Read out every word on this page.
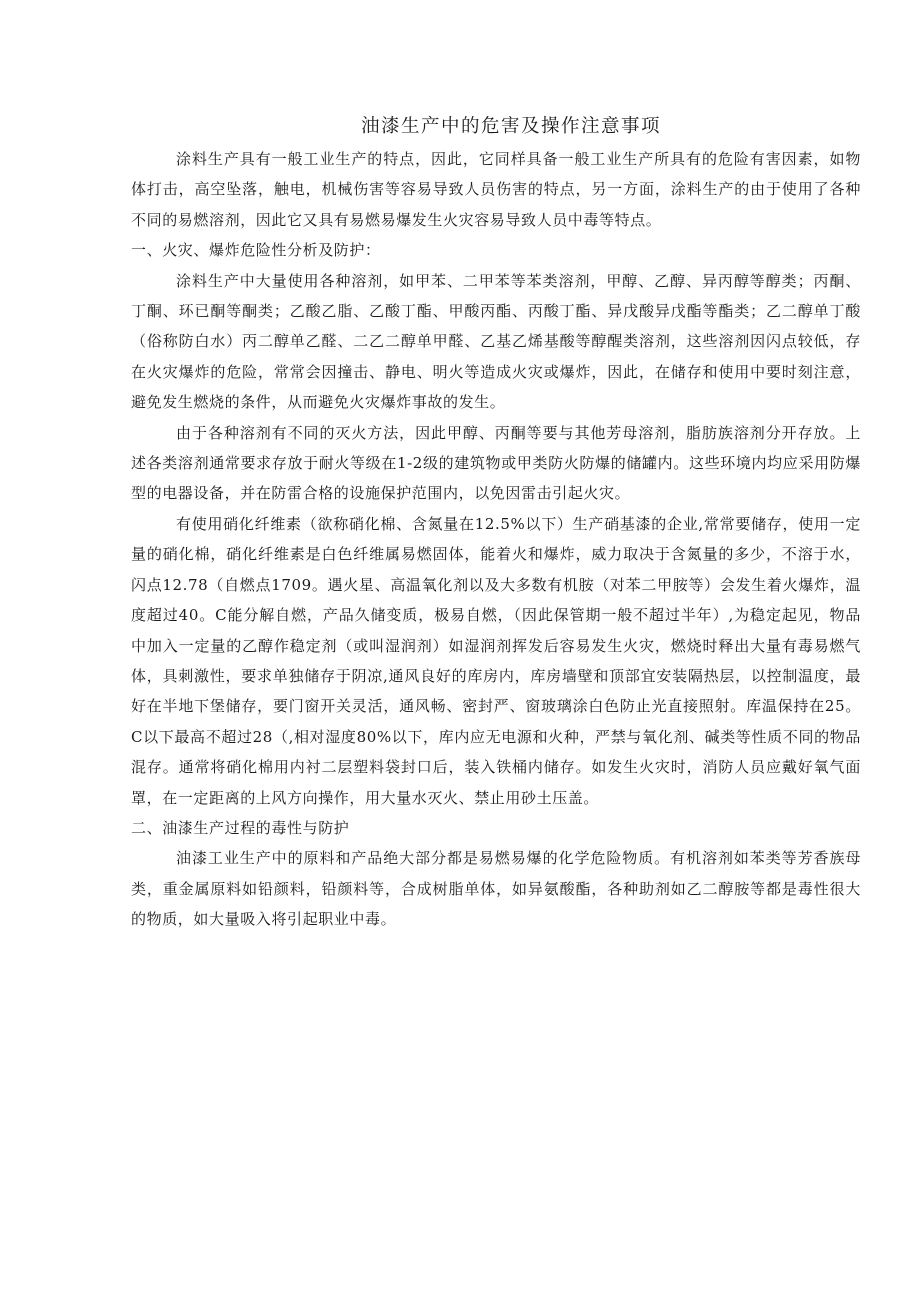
油漆生产中的危害及操作注意事项

涂料生产具有一般工业生产的特点，因此，它同样具备一般工业生产所具有的危险有害因素，如物体打击，高空坠落，触电，机械伤害等容易导致人员伤害的特点，另一方面，涂料生产的由于使用了各种不同的易燃溶剂，因此它又具有易燃易爆发生火灾容易导致人员中毒等特点。

一、火灾、爆炸危险性分析及防护：

涂料生产中大量使用各种溶剂，如甲苯、二甲苯等苯类溶剂，甲醇、乙醇、异丙醇等醇类；丙酮、丁酮、环已酮等酮类；乙酸乙脂、乙酸丁酯、甲酸丙酯、丙酸丁酯、异戊酸异戊酯等酯类；乙二醇单丁酸（俗称防白水）丙二醇单乙醛、二乙二醇单甲醛、乙基乙烯基酸等醇醒类溶剂，这些溶剂因闪点较低，存在火灾爆炸的危险，常常会因撞击、静电、明火等造成火灾或爆炸，因此，在储存和使用中要时刻注意，避免发生燃烧的条件，从而避免火灾爆炸事故的发生。

由于各种溶剂有不同的灭火方法，因此甲醇、丙酮等要与其他芳母溶剂，脂肪族溶剂分开存放。上述各类溶剂通常要求存放于耐火等级在1-2级的建筑物或甲类防火防爆的储罐内。这些环境内均应采用防爆型的电器设备，并在防雷合格的设施保护范围内，以免因雷击引起火灾。

有使用硝化纤维素（欲称硝化棉、含氮量在12.5%以下）生产硝基漆的企业,常常要储存，使用一定量的硝化棉，硝化纤维素是白色纤维属易燃固体，能着火和爆炸，威力取决于含氮量的多少，不溶于水，闪点12.78（自燃点1709。遇火星、高温氧化剂以及大多数有机胺（对苯二甲胺等）会发生着火爆炸，温度超过40。C能分解自燃，产品久储变质，极易自燃，（因此保管期一般不超过半年）,为稳定起见，物品中加入一定量的乙醇作稳定剂（或叫湿润剂）如湿润剂挥发后容易发生火灾，燃烧时释出大量有毒易燃气体，具刺激性，要求单独储存于阴凉,通风良好的库房内，库房墙壁和顶部宜安装隔热层，以控制温度，最好在半地下堡储存，要门窗开关灵活，通风畅、密封严、窗玻璃涂白色防止光直接照射。库温保持在25。C以下最高不超过28（,相对湿度80%以下，库内应无电源和火种，严禁与氧化剂、碱类等性质不同的物品混存。通常将硝化棉用内衬二层塑料袋封口后，装入铁桶内储存。如发生火灾时，消防人员应戴好氧气面罩，在一定距离的上风方向操作，用大量水灭火、禁止用砂土压盖。

二、油漆生产过程的毒性与防护

油漆工业生产中的原料和产品绝大部分都是易燃易爆的化学危险物质。有机溶剂如苯类等芳香族母类，重金属原料如铅颜料，铅颜料等，合成树脂单体，如异氨酸酯，各种助剂如乙二醇胺等都是毒性很大的物质，如大量吸入将引起职业中毒。
